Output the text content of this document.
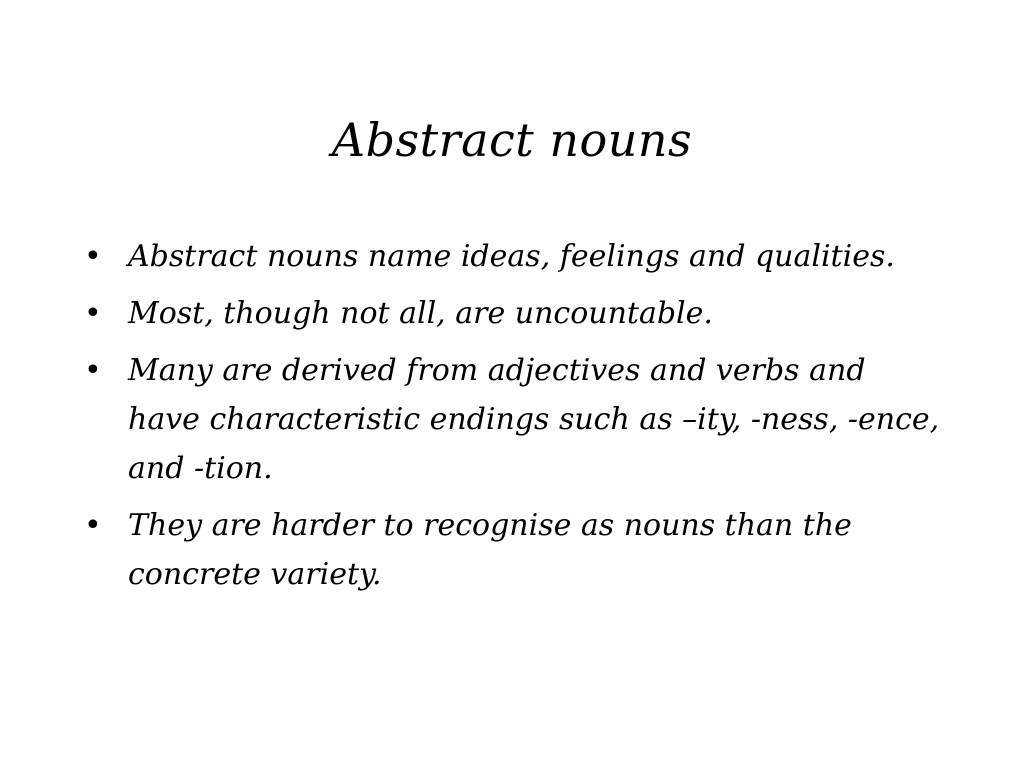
Abstract nouns
• Abstract nouns name ideas, feelings and qualities.
• Most, though not all, are uncountable.
• Many are derived from adjectives and verbs and have characteristic endings such as –ity, -ness, -ence, and -tion.
• They are harder to recognise as nouns than the concrete variety.
